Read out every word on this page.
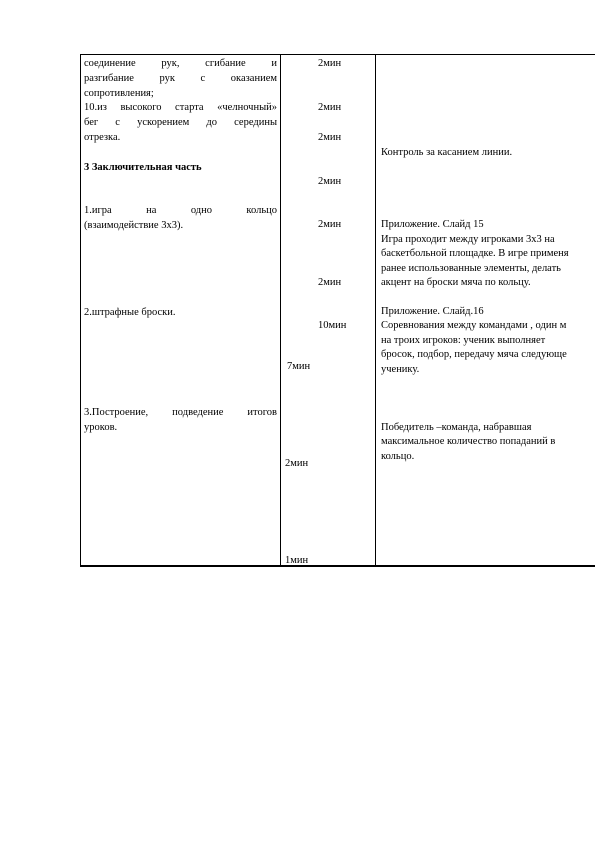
соединение рук, сгибание и
разгибание рук с оказанием
сопротивления;
10.из высокого старта «челночный»
бег с ускорением до середины
отрезка.
3 Заключительная часть
1.игра на одно кольцо
(взаимодействие 3х3).
2.штрафные броски.
3.Построение, подведение итогов
уроков.
2мин
2мин
2мин
2мин
2мин
2мин
10мин
7мин
2мин
1мин
Контроль за касанием линии.
Приложение. Слайд 15
Игра проходит между игроками 3х3 на
баскетбольной площадке. В игре применя
ранее использованные элементы, делать
акцент на броски мяча по кольцу.
Приложение. Слайд.16
Соревнования между командами , один м
на троих игроков: ученик выполняет
бросок, подбор, передачу мяча следующе
ученику.
Победитель –команда, набравшая
максимальное количество попаданий в
кольцо.
